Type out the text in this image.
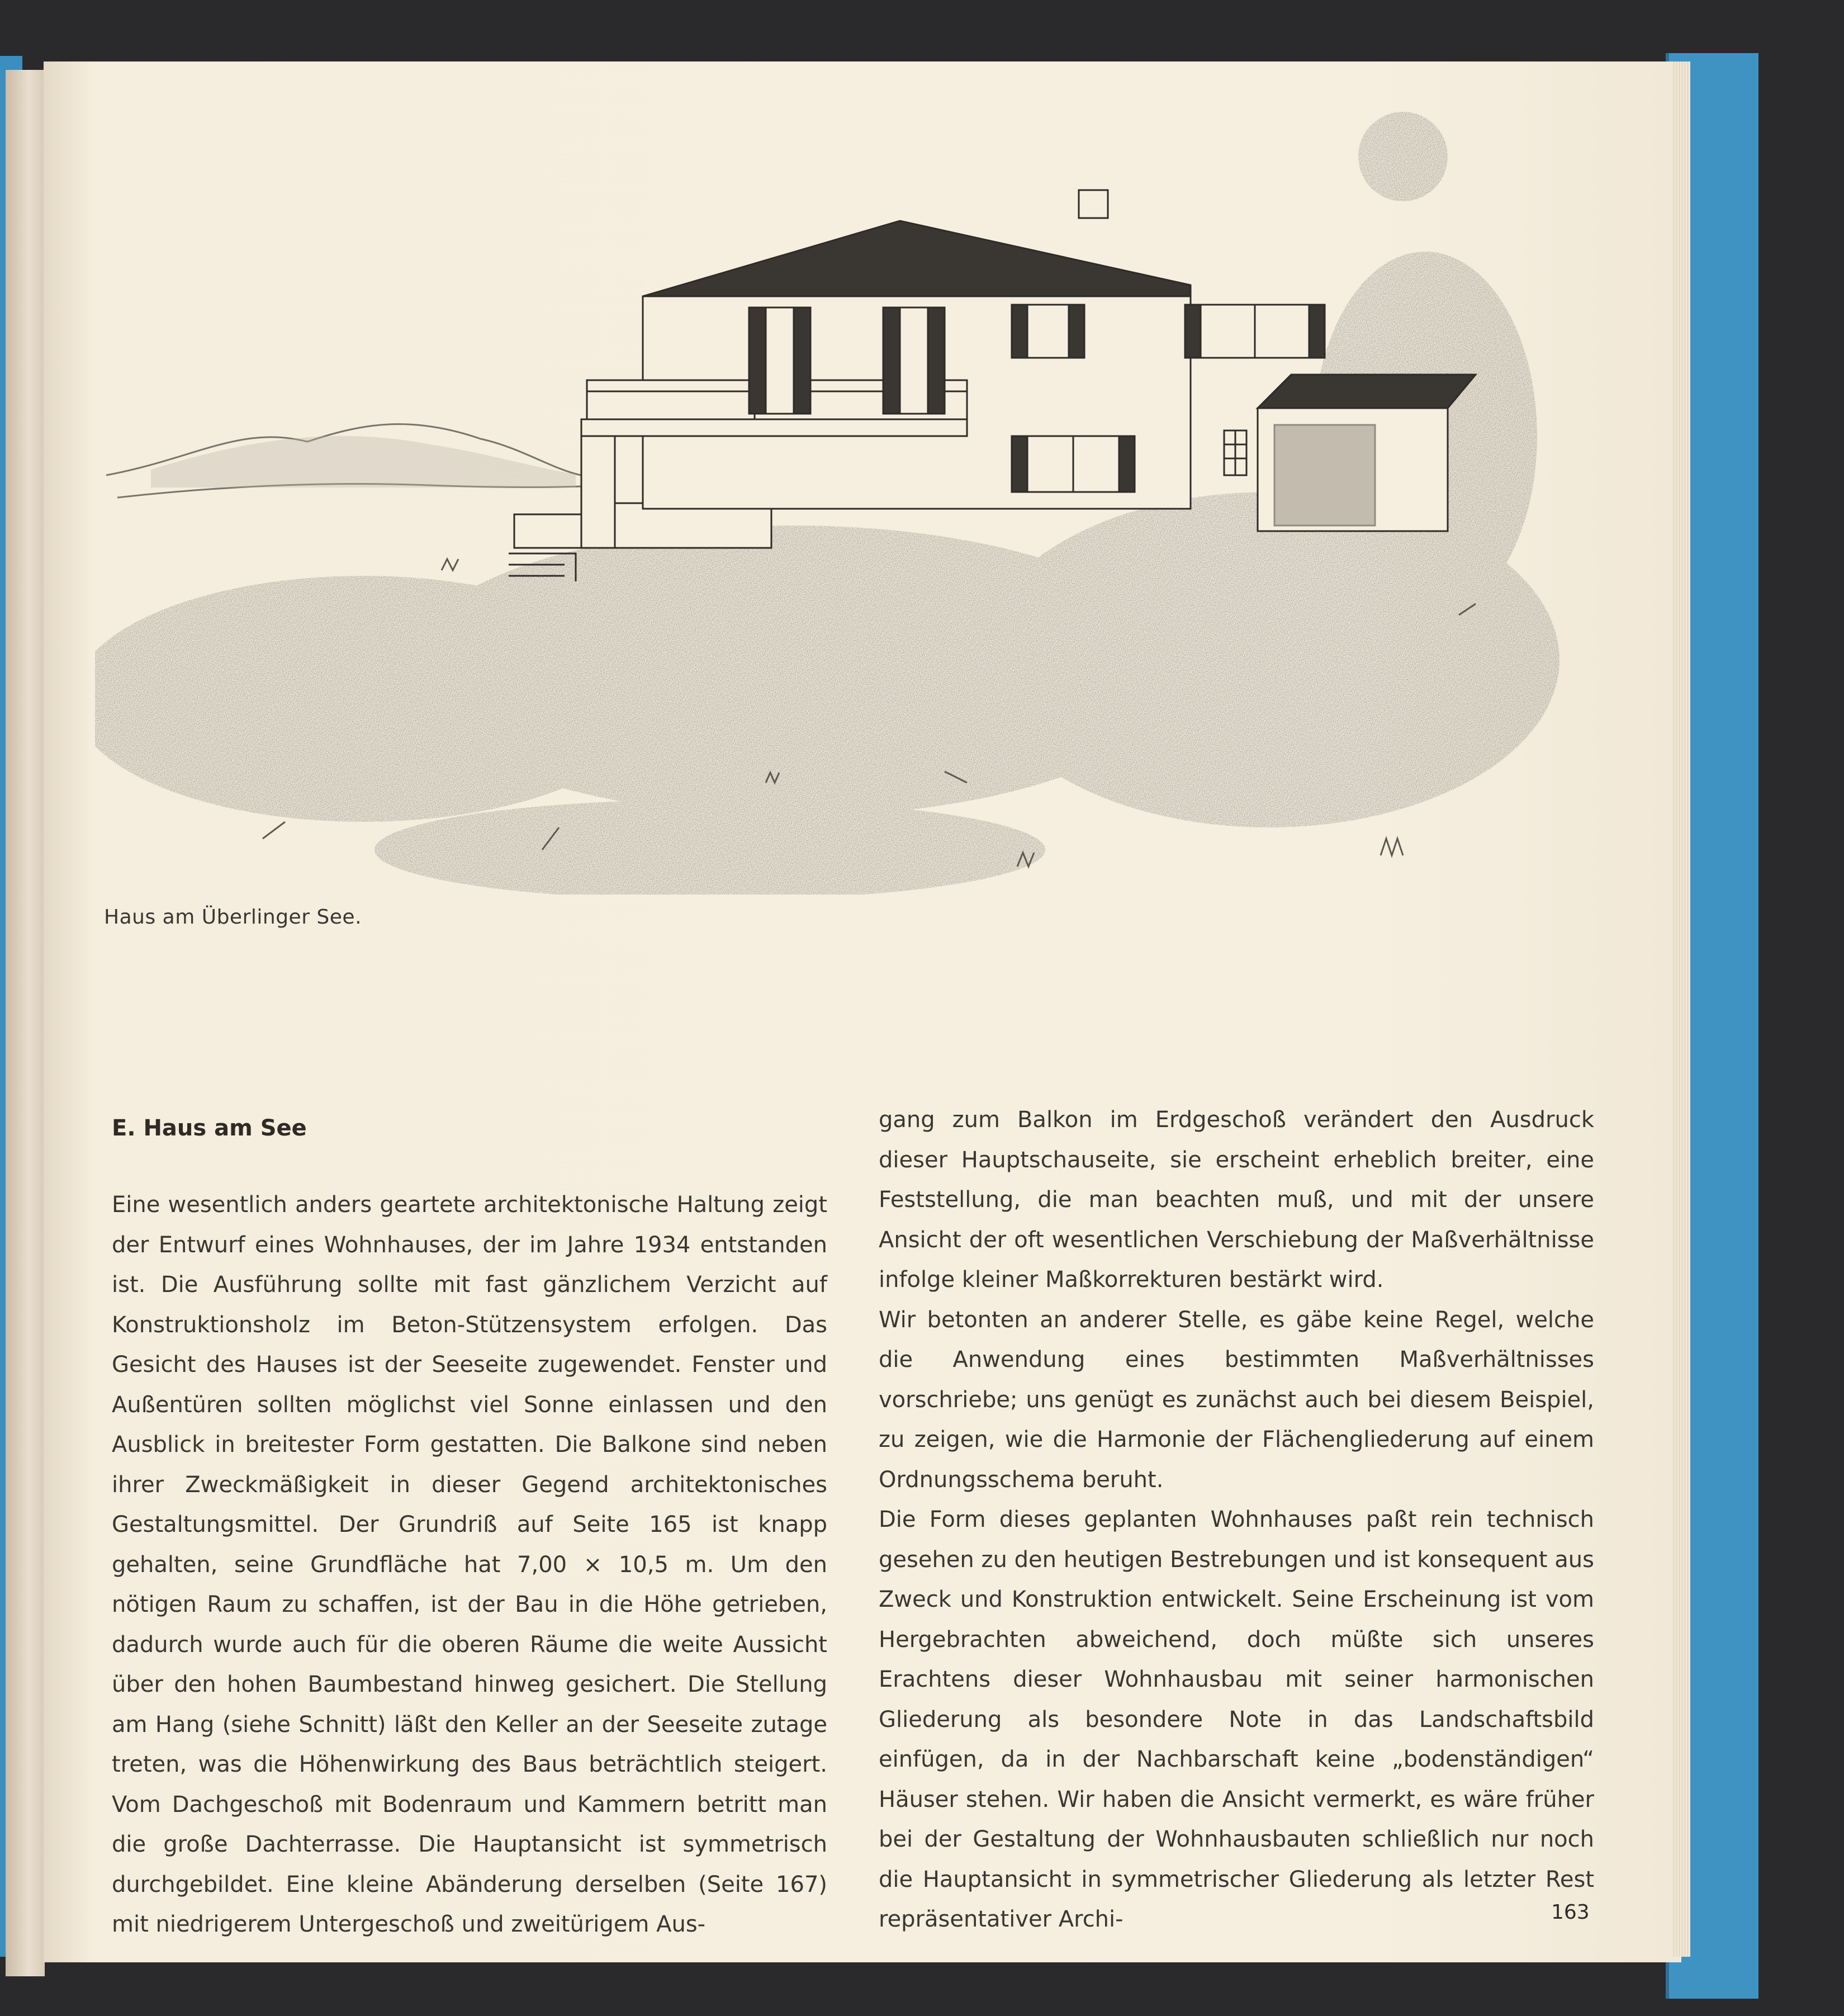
Haus am Überlinger See.
E. Haus am See

Eine wesentlich anders geartete architektonische Haltung zeigt der Entwurf eines Wohnhauses, der im Jahre 1934 entstanden ist. Die Ausführung sollte mit fast gänzlichem Verzicht auf Konstruktionsholz im Beton-Stützensystem erfolgen. Das Gesicht des Hauses ist der Seeseite zugewendet. Fenster und Außentüren sollten möglichst viel Sonne einlassen und den Ausblick in breitester Form gestatten. Die Balkone sind neben ihrer Zweckmäßigkeit in dieser Gegend architektonisches Gestaltungsmittel. Der Grundriß auf Seite 165 ist knapp gehalten, seine Grundfläche hat 7,00 × 10,5 m. Um den nötigen Raum zu schaffen, ist der Bau in die Höhe getrieben, dadurch wurde auch für die oberen Räume die weite Aussicht über den hohen Baumbestand hinweg gesichert. Die Stellung am Hang (siehe Schnitt) läßt den Keller an der Seeseite zutage treten, was die Höhenwirkung des Baus beträchtlich steigert. Vom Dachgeschoß mit Bodenraum und Kammern betritt man die große Dachterrasse. Die Hauptansicht ist symmetrisch durchgebildet. Eine kleine Abänderung derselben (Seite 167) mit niedrigerem Untergeschoß und zweitürigem Aus-

gang zum Balkon im Erdgeschoß verändert den Ausdruck dieser Hauptschauseite, sie erscheint erheblich breiter, eine Feststellung, die man beachten muß, und mit der unsere Ansicht der oft wesentlichen Verschiebung der Maßverhältnisse infolge kleiner Maßkorrekturen bestärkt wird.

Wir betonten an anderer Stelle, es gäbe keine Regel, welche die Anwendung eines bestimmten Maßverhältnisses vorschriebe; uns genügt es zunächst auch bei diesem Beispiel, zu zeigen, wie die Harmonie der Flächengliederung auf einem Ordnungsschema beruht.

Die Form dieses geplanten Wohnhauses paßt rein technisch gesehen zu den heutigen Bestrebungen und ist konsequent aus Zweck und Konstruktion entwickelt. Seine Erscheinung ist vom Hergebrachten abweichend, doch müßte sich unseres Erachtens dieser Wohnhausbau mit seiner harmonischen Gliederung als besondere Note in das Landschaftsbild einfügen, da in der Nachbarschaft keine „bodenständigen“ Häuser stehen. Wir haben die Ansicht vermerkt, es wäre früher bei der Gestaltung der Wohnhausbauten schließlich nur noch die Hauptansicht in symmetrischer Gliederung als letzter Rest repräsentativer Archi-	163
